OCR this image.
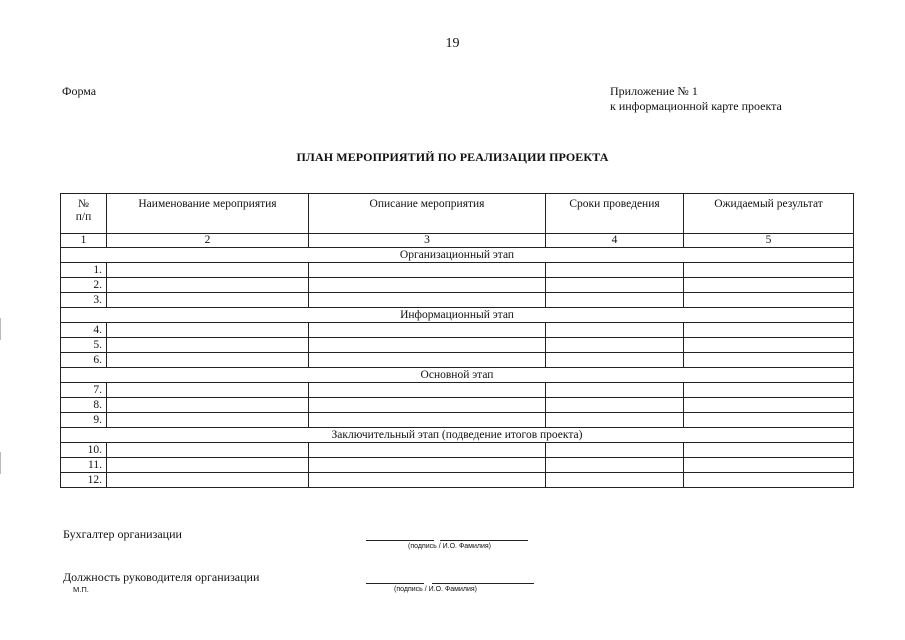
19
Форма	Приложение № 1
к информационной карте проекта
ПЛАН МЕРОПРИЯТИЙ ПО РЕАЛИЗАЦИИ ПРОЕКТА
№
п/п	Наименование мероприятия	Описание мероприятия	Сроки проведения	Ожидаемый результат
1	2	3	4	5
Организационный этап				
1.				
2.				
3.				
Информационный этап				
4.				
5.				
6.				
Основной этап				
7.				
8.				
9.				
Заключительный этап (подведение итогов проекта)				
10.				
11.				
12.				
Бухгалтер организации
(подпись / И.О. Фамилия)
Должность руководителя организации
М.П.	(подпись / И.О. Фамилия)
